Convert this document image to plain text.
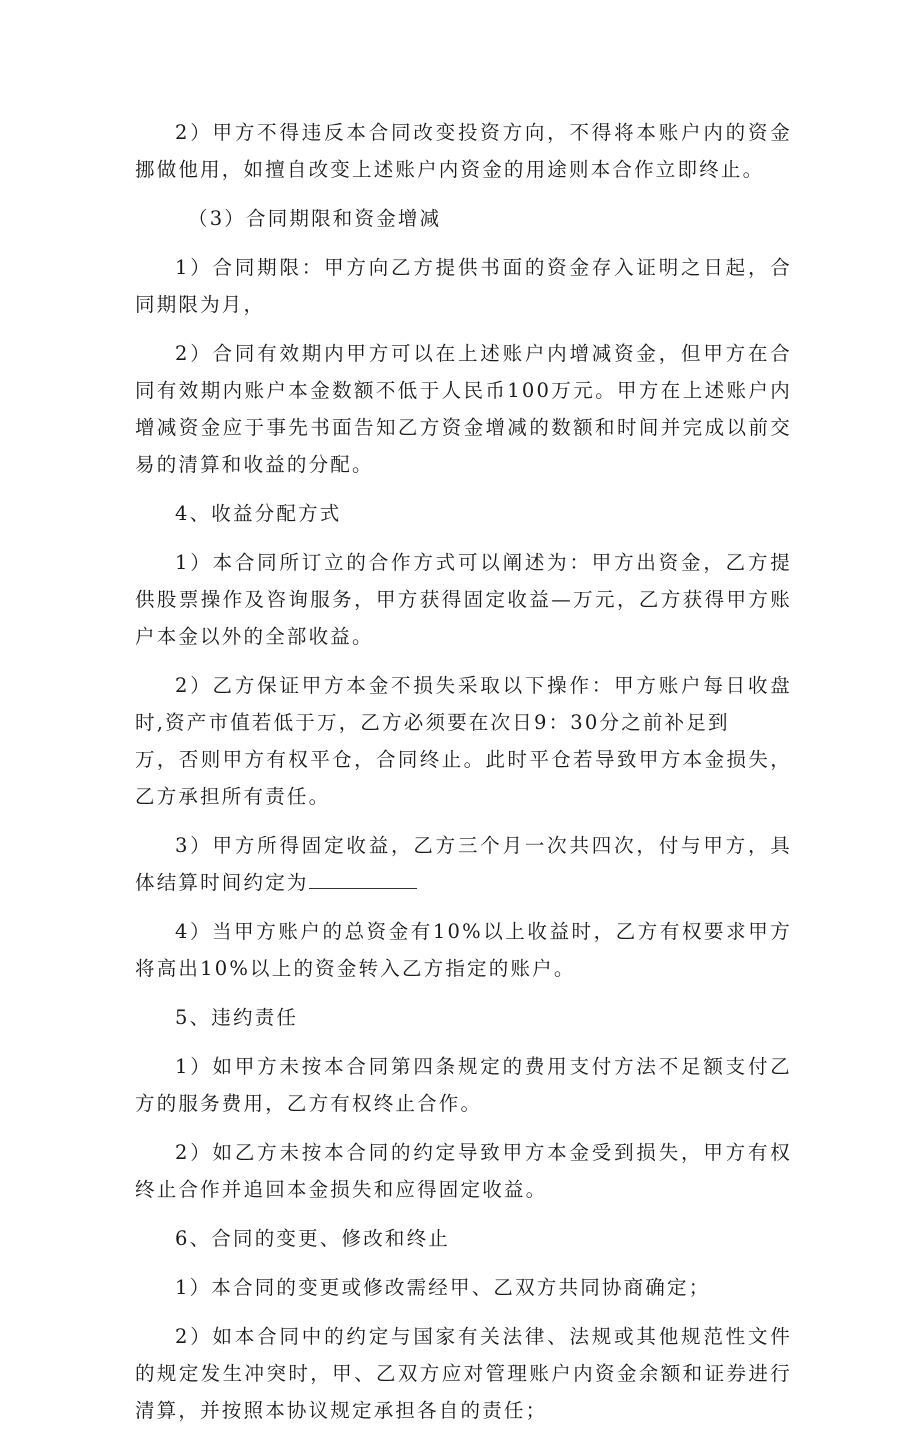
2）甲方不得违反本合同改变投资方向，不得将本账户内的资金挪做他用，如擅自改变上述账户内资金的用途则本合作立即终止。

（3）合同期限和资金增减

1）合同期限：甲方向乙方提供书面的资金存入证明之日起，合同期限为月，

2）合同有效期内甲方可以在上述账户内增减资金，但甲方在合同有效期内账户本金数额不低于人民币100万元。甲方在上述账户内增减资金应于事先书面告知乙方资金增减的数额和时间并完成以前交易的清算和收益的分配。

4、收益分配方式

1）本合同所订立的合作方式可以阐述为：甲方出资金，乙方提供股票操作及咨询服务，甲方获得固定收益—万元，乙方获得甲方账户本金以外的全部收益。

2）乙方保证甲方本金不损失采取以下操作：甲方账户每日收盘时,资产市值若低于万，乙方必须要在次日9：30分之前补足到

万，否则甲方有权平仓，合同终止。此时平仓若导致甲方本金损失，乙方承担所有责任。

3）甲方所得固定收益，乙方三个月一次共四次，付与甲方，具体结算时间约定为

4）当甲方账户的总资金有10%以上收益时，乙方有权要求甲方将高出10%以上的资金转入乙方指定的账户。

5、违约责任

1）如甲方未按本合同第四条规定的费用支付方法不足额支付乙方的服务费用，乙方有权终止合作。

2）如乙方未按本合同的约定导致甲方本金受到损失，甲方有权终止合作并追回本金损失和应得固定收益。

6、合同的变更、修改和终止

1）本合同的变更或修改需经甲、乙双方共同协商确定；

2）如本合同中的约定与国家有关法律、法规或其他规范性文件的规定发生冲突时，甲、乙双方应对管理账户内资金余额和证券进行清算，并按照本协议规定承担各自的责任；
